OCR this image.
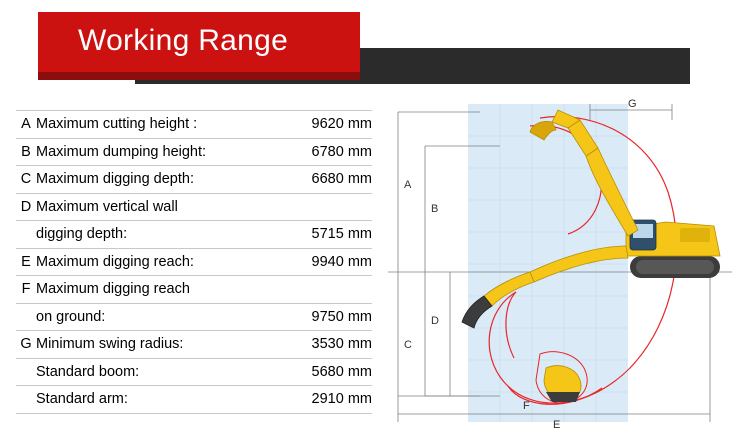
Working Range
A	Maximum cutting height :	9620 mm
B	Maximum dumping height:	6780 mm
C	Maximum digging depth:	6680 mm
D	Maximum vertical wall	
	digging depth:	5715 mm
E	Maximum digging reach:	9940 mm
F	Maximum digging reach	
	on ground:	9750 mm
G	Minimum swing radius:	3530 mm
	Standard boom:	5680 mm
	Standard arm:	2910 mm
A
B
C
D
E
F
G
